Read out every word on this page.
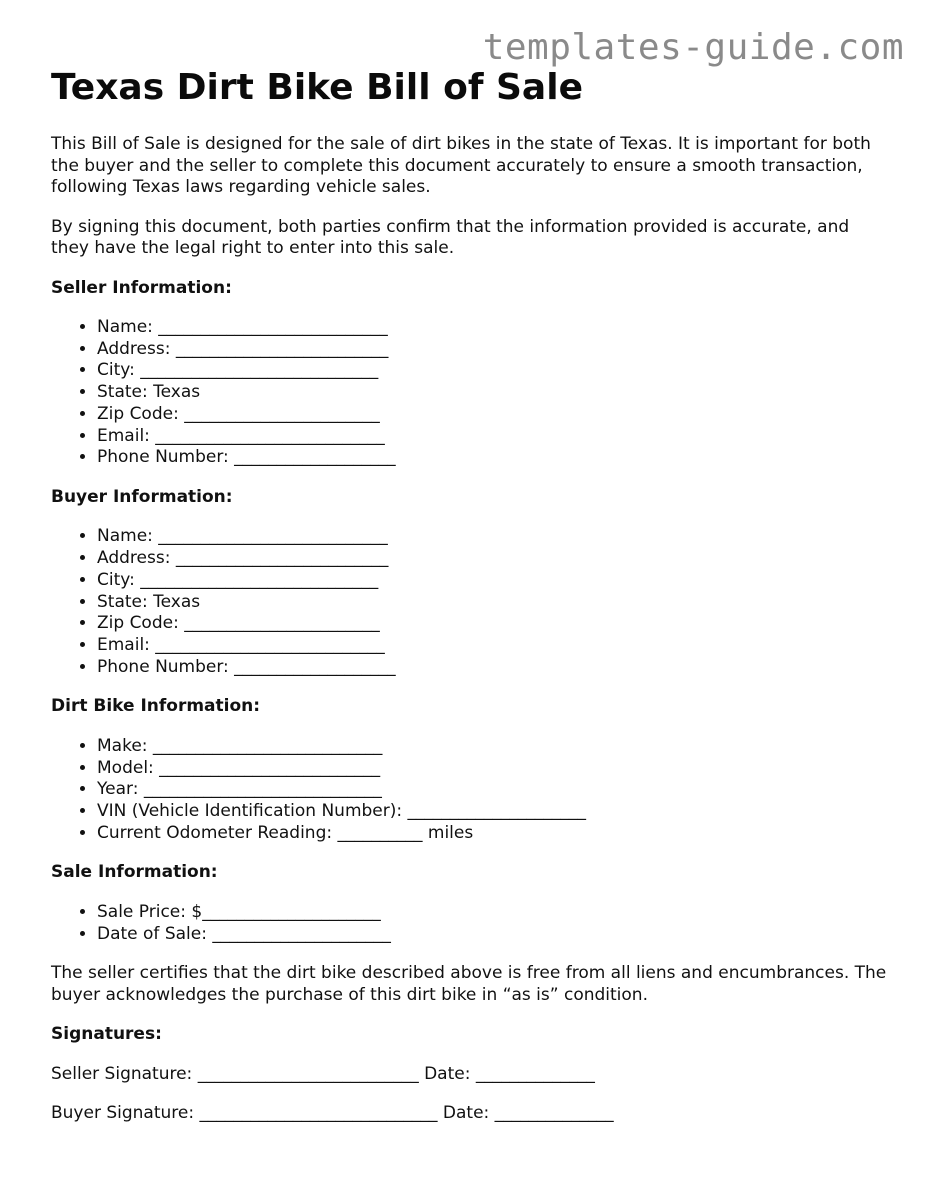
templates-guide.com
Texas Dirt Bike Bill of Sale

This Bill of Sale is designed for the sale of dirt bikes in the state of Texas. It is important for both the buyer and the seller to complete this document accurately to ensure a smooth transaction, following Texas laws regarding vehicle sales.

By signing this document, both parties confirm that the information provided is accurate, and they have the legal right to enter into this sale.

Seller Information:
• Name: ___________________________
• Address: _________________________
• City: ____________________________
• State: Texas
• Zip Code: _______________________
• Email: ___________________________
• Phone Number: ___________________
Buyer Information:
• Name: ___________________________
• Address: _________________________
• City: ____________________________
• State: Texas
• Zip Code: _______________________
• Email: ___________________________
• Phone Number: ___________________
Dirt Bike Information:
• Make: ___________________________
• Model: __________________________
• Year: ____________________________
• VIN (Vehicle Identification Number): _____________________
• Current Odometer Reading: __________ miles
Sale Information:
• Sale Price: $_____________________
• Date of Sale: _____________________

The seller certifies that the dirt bike described above is free from all liens and encumbrances. The buyer acknowledges the purchase of this dirt bike in “as is” condition.

Signatures:

Seller Signature: __________________________ Date: ______________

Buyer Signature: ____________________________ Date: ______________
